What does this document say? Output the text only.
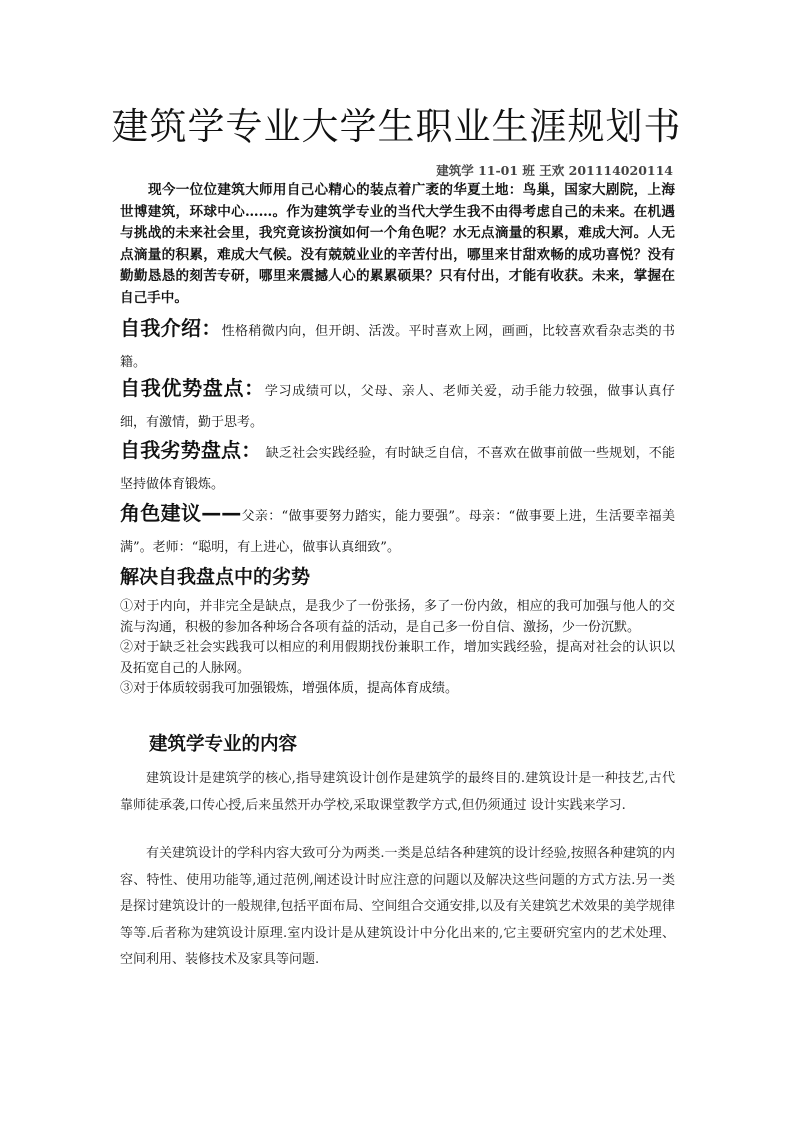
建筑学专业大学生职业生涯规划书
建筑学 11-01 班 王欢 201114020114

现今一位位建筑大师用自己心精心的装点着广袤的华夏土地：鸟巢，国家大剧院，上海世博建筑，环球中心……。作为建筑学专业的当代大学生我不由得考虑自己的未来。在机遇与挑战的未来社会里，我究竟该扮演如何一个角色呢？水无点滴量的积累，难成大河。人无点滴量的积累，难成大气候。没有兢兢业业的辛苦付出，哪里来甘甜欢畅的成功喜悦？没有勤勤恳恳的刻苦专研，哪里来震撼人心的累累硕果？只有付出，才能有收获。未来，掌握在自己手中。

自我介绍：性格稍微内向，但开朗、活泼。平时喜欢上网，画画，比较喜欢看杂志类的书籍。

自我优势盘点：学习成绩可以，父母、亲人、老师关爱，动手能力较强，做事认真仔细，有激情，勤于思考。

自我劣势盘点： 缺乏社会实践经验，有时缺乏自信，不喜欢在做事前做一些规划，不能坚持做体育锻炼。

角色建议——父亲：“做事要努力踏实，能力要强”。母亲：“做事要上进，生活要幸福美满”。老师：“聪明，有上进心，做事认真细致”。

解决自我盘点中的劣势
①对于内向，并非完全是缺点，是我少了一份张扬，多了一份内敛，相应的我可加强与他人的交流与沟通，积极的参加各种场合各项有益的活动，是自己多一份自信、激扬，少一份沉默。
②对于缺乏社会实践我可以相应的利用假期找份兼职工作，增加实践经验，提高对社会的认识以及拓宽自己的人脉网。
③对于体质较弱我可加强锻炼，增强体质，提高体育成绩。
建筑学专业的内容

建筑设计是建筑学的核心,指导建筑设计创作是建筑学的最终目的.建筑设计是一种技艺,古代靠师徒承袭,口传心授,后来虽然开办学校,采取课堂教学方式,但仍须通过 设计实践来学习.

有关建筑设计的学科内容大致可分为两类.一类是总结各种建筑的设计经验,按照各种建筑的内容、特性、使用功能等,通过范例,阐述设计时应注意的问题以及解决这些问题的方式方法.另一类是探讨建筑设计的一般规律,包括平面布局、空间组合交通安排,以及有关建筑艺术效果的美学规律等等.后者称为建筑设计原理.室内设计是从建筑设计中分化出来的,它主要研究室内的艺术处理、空间利用、装修技术及家具等问题.
